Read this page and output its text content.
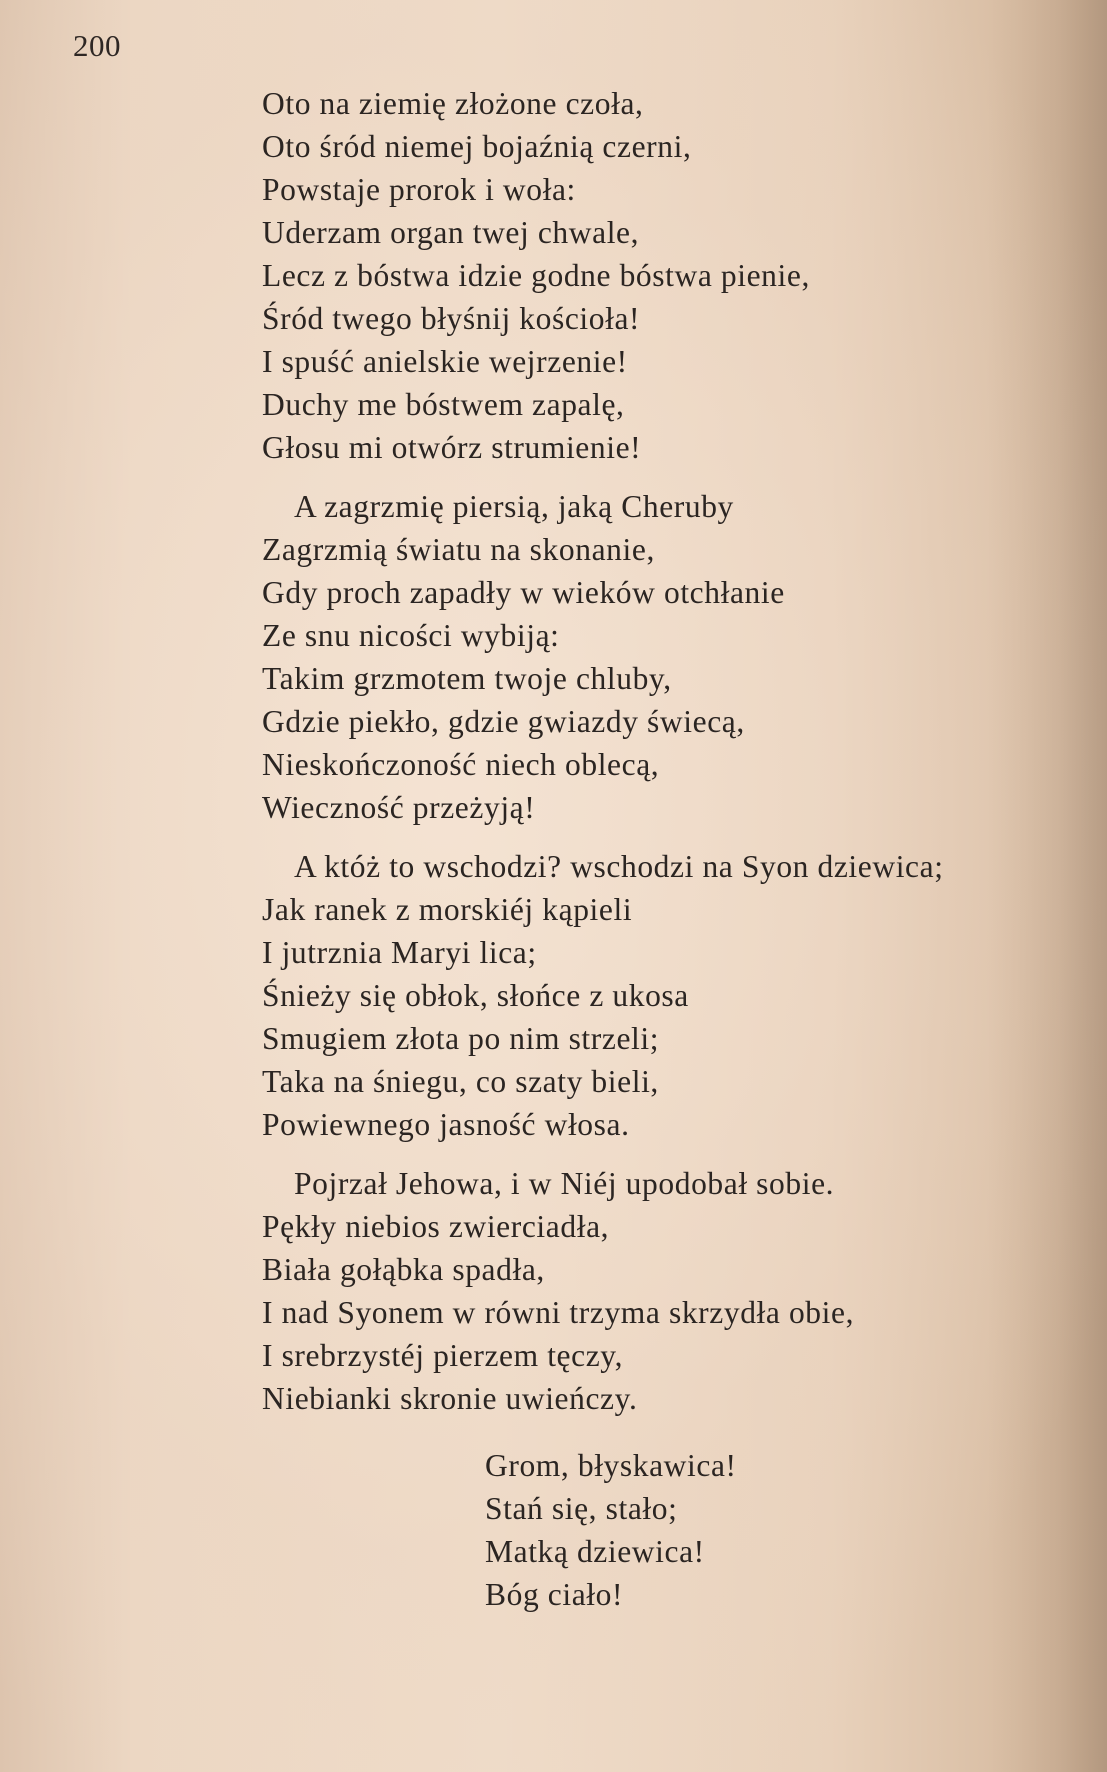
200
Oto na ziemię złożone czoła,
Oto śród niemej bojaźnią czerni,
Powstaje prorok i woła:
Uderzam organ twej chwale,
Lecz z bóstwa idzie godne bóstwa pienie,
Śród twego błyśnij kościoła!
I spuść anielskie wejrzenie!
Duchy me bóstwem zapalę,
Głosu mi otwórz strumienie!
A zagrzmię piersią, jaką Cheruby
Zagrzmią światu na skonanie,
Gdy proch zapadły w wieków otchłanie
Ze snu nicości wybiją:
Takim grzmotem twoje chluby,
Gdzie piekło, gdzie gwiazdy świecą,
Nieskończoność niech oblecą,
Wieczność przeżyją!
A któż to wschodzi? wschodzi na Syon dziewica;
Jak ranek z morskiéj kąpieli
I jutrznia Maryi lica;
Śnieży się obłok, słońce z ukosa
Smugiem złota po nim strzeli;
Taka na śniegu, co szaty bieli,
Powiewnego jasność włosa.
Pojrzał Jehowa, i w Niéj upodobał sobie.
Pękły niebios zwierciadła,
Biała gołąbka spadła,
I nad Syonem w równi trzyma skrzydła obie,
I srebrzystéj pierzem tęczy,
Niebianki skronie uwieńczy.
Grom, błyskawica!
Stań się, stało;
Matką dziewica!
Bóg ciało!
